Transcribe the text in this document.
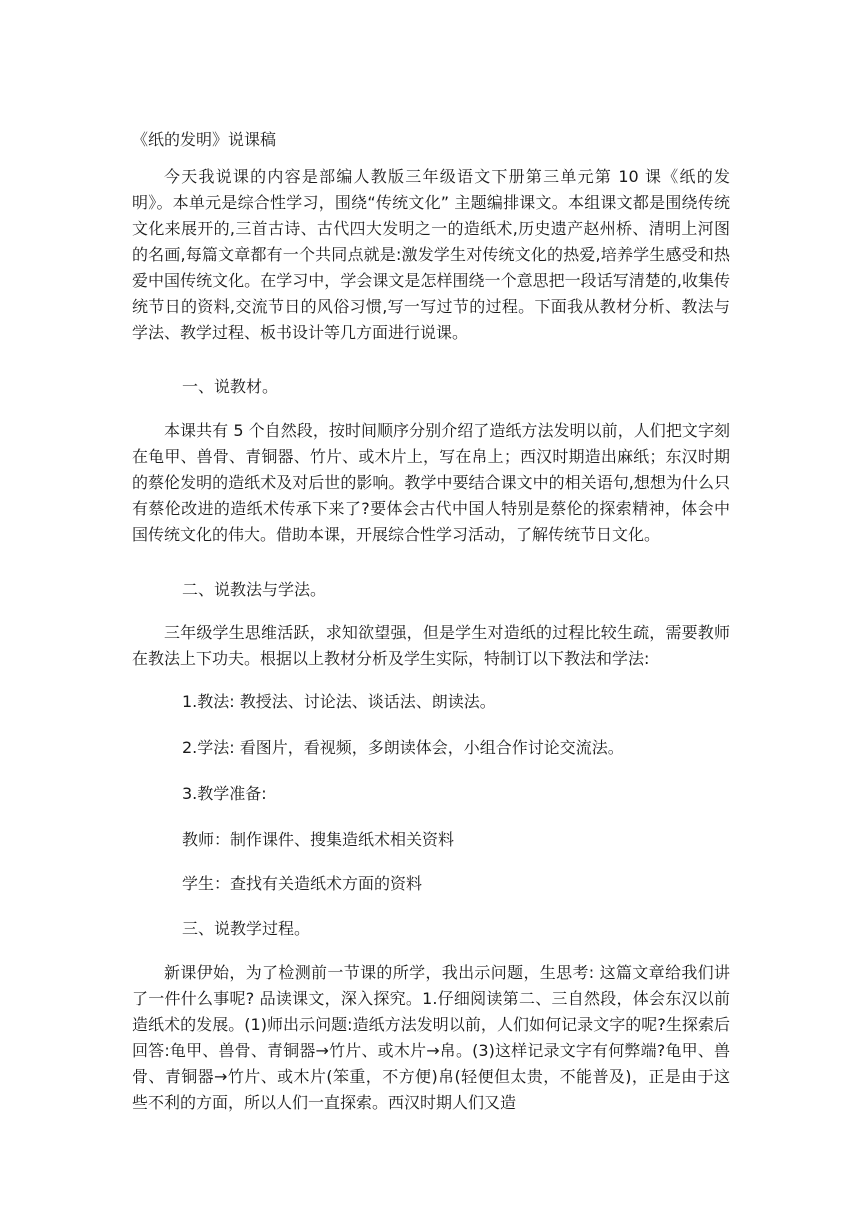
《纸的发明》说课稿

今天我说课的内容是部编人教版三年级语文下册第三单元第 10 课《纸的发明》。本单元是综合性学习，围绕“传统文化” 主题编排课文。本组课文都是围绕传统文化来展开的,三首古诗、古代四大发明之一的造纸术,历史遗产赵州桥、清明上河图的名画,每篇文章都有一个共同点就是:激发学生对传统文化的热爱,培养学生感受和热爱中国传统文化。在学习中，学会课文是怎样围绕一个意思把一段话写清楚的,收集传统节日的资料,交流节日的风俗习惯,写一写过节的过程。下面我从教材分析、教法与学法、教学过程、板书设计等几方面进行说课。

一、说教材。

本课共有 5 个自然段，按时间顺序分别介绍了造纸方法发明以前，人们把文字刻在龟甲、兽骨、青铜器、竹片、或木片上，写在帛上；西汉时期造出麻纸；东汉时期的蔡伦发明的造纸术及对后世的影响。教学中要结合课文中的相关语句,想想为什么只有蔡伦改进的造纸术传承下来了?要体会古代中国人特别是蔡伦的探索精神，体会中国传统文化的伟大。借助本课，开展综合性学习活动，了解传统节日文化。

二、说教法与学法。

三年级学生思维活跃，求知欲望强，但是学生对造纸的过程比较生疏，需要教师在教法上下功夫。根据以上教材分析及学生实际，特制订以下教法和学法:

1.教法: 教授法、讨论法、谈话法、朗读法。
2.学法: 看图片，看视频，多朗读体会，小组合作讨论交流法。
3.教学准备:
教师：制作课件、搜集造纸术相关资料
学生：查找有关造纸术方面的资料
三、说教学过程。

新课伊始，为了检测前一节课的所学，我出示问题，生思考: 这篇文章给我们讲了一件什么事呢? 品读课文，深入探究。1.仔细阅读第二、三自然段，体会东汉以前造纸术的发展。(1)师出示问题:造纸方法发明以前，人们如何记录文字的呢?生探索后回答:龟甲、兽骨、青铜器→竹片、或木片→帛。(3)这样记录文字有何弊端?龟甲、兽骨、青铜器→竹片、或木片(笨重，不方便)帛(轻便但太贵，不能普及)，正是由于这些不利的方面，所以人们一直探索。西汉时期人们又造
